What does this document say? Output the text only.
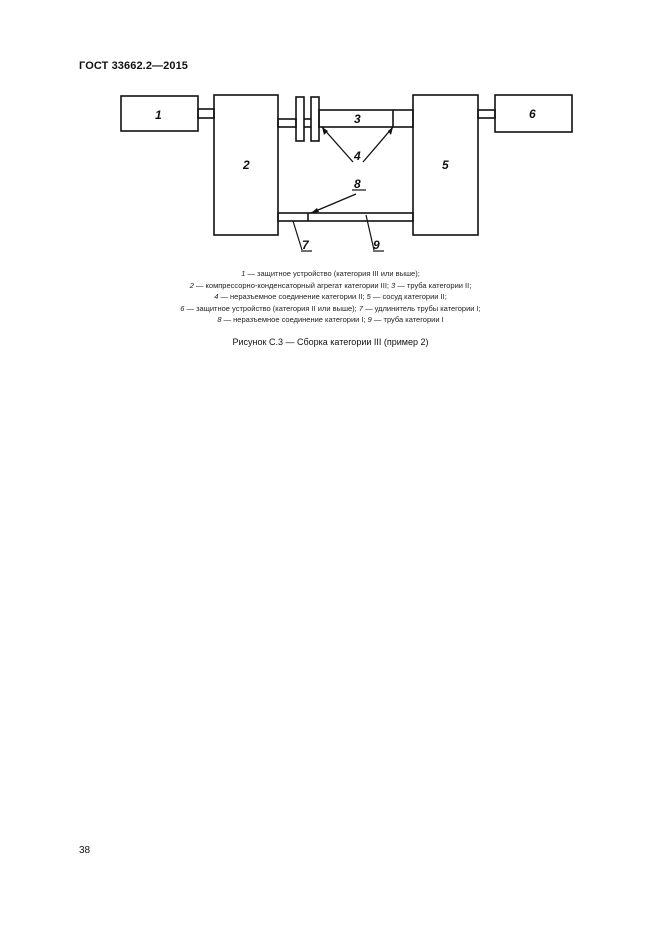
ГОСТ 33662.2—2015
1
2
3
4
5
6
7
8
9
1 — защитное устройство (категория III или выше);
2 — компрессорно-конденсаторный агрегат категории III; 3 — труба категории II;
4 — неразъемное соединение категории II; 5 — сосуд категории II;
6 — защитное устройство (категория II или выше); 7 — удлинитель трубы категории I;
8 — неразъемное соединение категории I; 9 — труба категории I
Рисунок С.3 — Сборка категории III (пример 2)
38
